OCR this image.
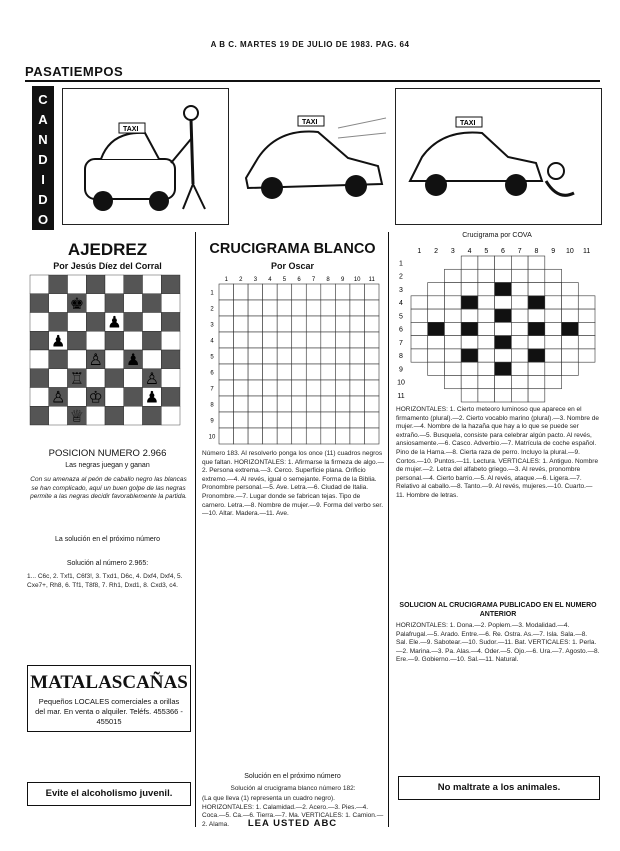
A B C. MARTES 19 DE JULIO DE 1983. PAG. 64
PASATIEMPOS
C
A
N
D
I
D
O
TAXI
TAXI	TAXI
AJEDREZ
Por Jesús Díez del Corral
♚
♟
♟
♙ ♟
♙
♖
♙ ♔	♟
♕
POSICION NUMERO 2.966
Las negras juegan y ganan
Con su amenaza al peón de caballo negro las blancas se han complicado, aquí un buen golpe de las negras permite a las negras decidir favorablemente la partida.
La solución en el próximo número
Solución al número 2.965:
1... C6c, 2. Txf1, C6f3!, 3. Txd1, D6c, 4. Dxf4, Dxf4, 5. Cxe7+, Rh8, 6. Tf1, T8f8, 7. Rh1, Dxd1, 8. Cxd3, c4.
MATALASCAÑAS
Pequeños LOCALES comerciales a orillas del mar. En venta o alquiler. Teléfs. 455366 - 455015
Evite el alcoholismo juvenil.
CRUCIGRAMA BLANCO
Por Oscar
1 2 3 4 5 6 7 8 9 10 11
1
2
3
4
5
6
7
8
9
10
Número 183. Al resolverlo ponga los once (11) cuadros negros que faltan. HORIZONTALES: 1. Afirmarse la firmeza de algo.—2. Persona extrema.—3. Cerco. Superficie plana. Orificio extremo.—4. Al revés, igual o semejante. Forma de la Biblia. Pronombre personal.—5. Ave. Letra.—6. Ciudad de Italia. Pronombre.—7. Lugar donde se fabrican tejas. Tipo de carnero. Letra.—8. Nombre de mujer.—9. Forma del verbo ser.—10. Altar. Madera.—11. Ave.
Solución en el próximo número
Solución al crucigrama blanco número 182:
(La que lleva (1) representa un cuadro negro). HORIZONTALES: 1. Calamidad.—2. Acero.—3. Pies.—4. Coca.—5. Ca.—6. Tierra.—7. Ma. VERTICALES: 1. Camion.—2. Alama.	LEA USTED ABC
Crucigrama por COVA
1 2 3 4 5 6 7 8 9 10 11
1
2
3
4
5
6
7
8
9
10
11
HORIZONTALES: 1. Cierto meteoro luminoso que aparece en el firmamento (plural).—2. Cierto vocablo marino (plural).—3. Nombre de mujer.—4. Nombre de la hazaña que hay a lo que se puede ser extraño.—5. Busquela, consiste para celebrar algún pacto. Al revés, ansiosamente.—6. Casco. Adverbio.—7. Matrícula de coche español. Pino de la Hama.—8. Cierta raza de perro. Incluyo la plural.—9. Cortos.—10. Puntos.—11. Lectura. VERTICALES: 1. Antiguo. Nombre de mujer.—2. Letra del alfabeto griego.—3. Al revés, pronombre personal.—4. Cierto barrio.—5. Al revés, ataque.—6. Ligera.—7. Relativo al caballo.—8. Tanto.—9. Al revés, mujeres.—10. Cuarto.—11. Hombre de letras.
SOLUCION AL CRUCIGRAMA PUBLICADO EN EL NUMERO ANTERIOR
HORIZONTALES: 1. Dona.—2. Poplem.—3. Modalidad.—4. Palafrugal.—5. Arado. Entre.—6. Re. Ostra. As.—7. Isla. Sala.—8. Sal. Ele.—9. Sabotear.—10. Sudor.—11. Bat. VERTICALES: 1. Perla.—2. Marina.—3. Pa. Alas.—4. Oder.—5. Ojo.—6. Ura.—7. Agosto.—8. Ere.—9. Gobierno.—10. Sal.—11. Natural.
No maltrate a los animales.
